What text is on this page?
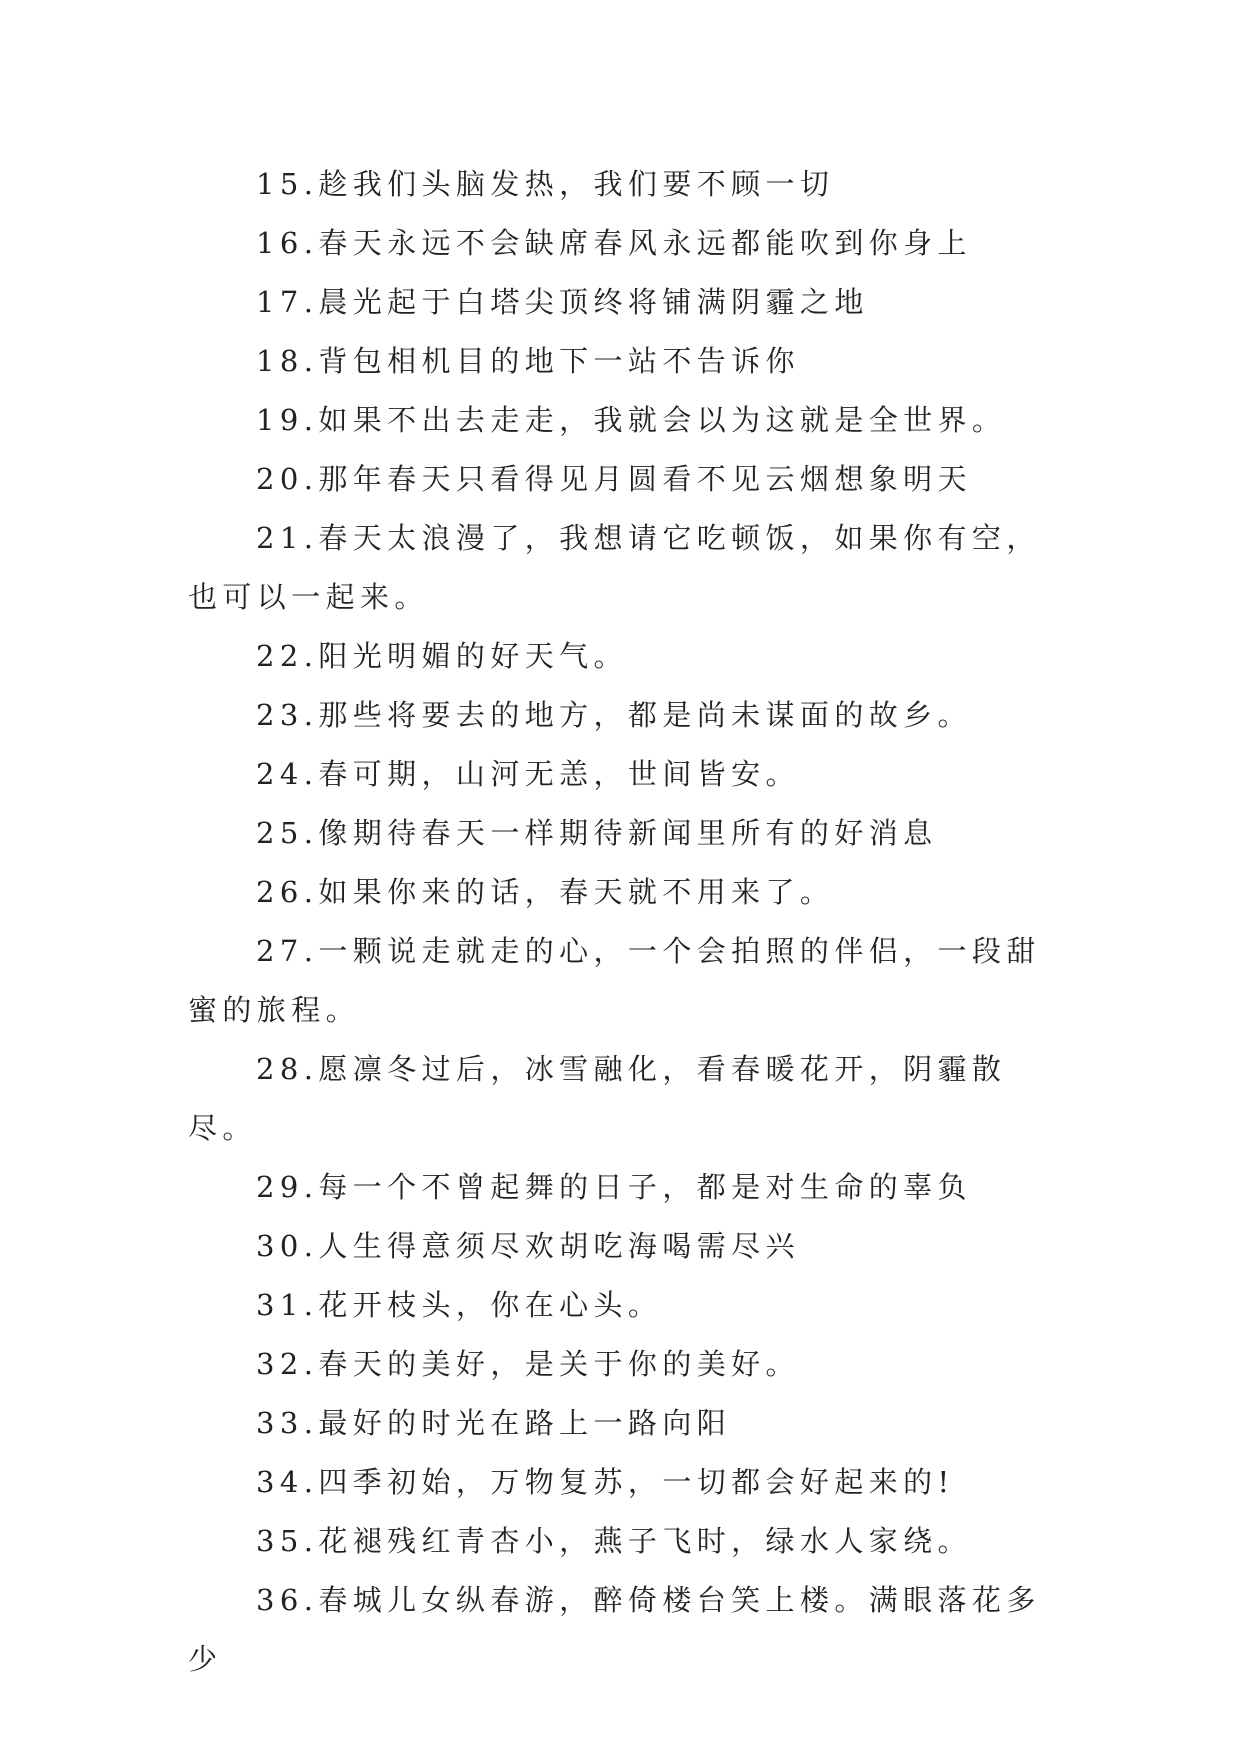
15.趁我们头脑发热，我们要不顾一切

16.春天永远不会缺席春风永远都能吹到你身上

17.晨光起于白塔尖顶终将铺满阴霾之地

18.背包相机目的地下一站不告诉你

19.如果不出去走走，我就会以为这就是全世界。

20.那年春天只看得见月圆看不见云烟想象明天

21.春天太浪漫了，我想请它吃顿饭，如果你有空，也可以一起来。

22.阳光明媚的好天气。

23.那些将要去的地方，都是尚未谋面的故乡。

24.春可期，山河无恙，世间皆安。

25.像期待春天一样期待新闻里所有的好消息

26.如果你来的话，春天就不用来了。

27.一颗说走就走的心，一个会拍照的伴侣，一段甜蜜的旅程。

28.愿凛冬过后，冰雪融化，看春暖花开，阴霾散尽。

29.每一个不曾起舞的日子，都是对生命的辜负

30.人生得意须尽欢胡吃海喝需尽兴

31.花开枝头，你在心头。

32.春天的美好，是关于你的美好。

33.最好的时光在路上一路向阳

34.四季初始，万物复苏，一切都会好起来的!

35.花褪残红青杏小，燕子飞时，绿水人家绕。

36.春城儿女纵春游，醉倚楼台笑上楼。满眼落花多少
